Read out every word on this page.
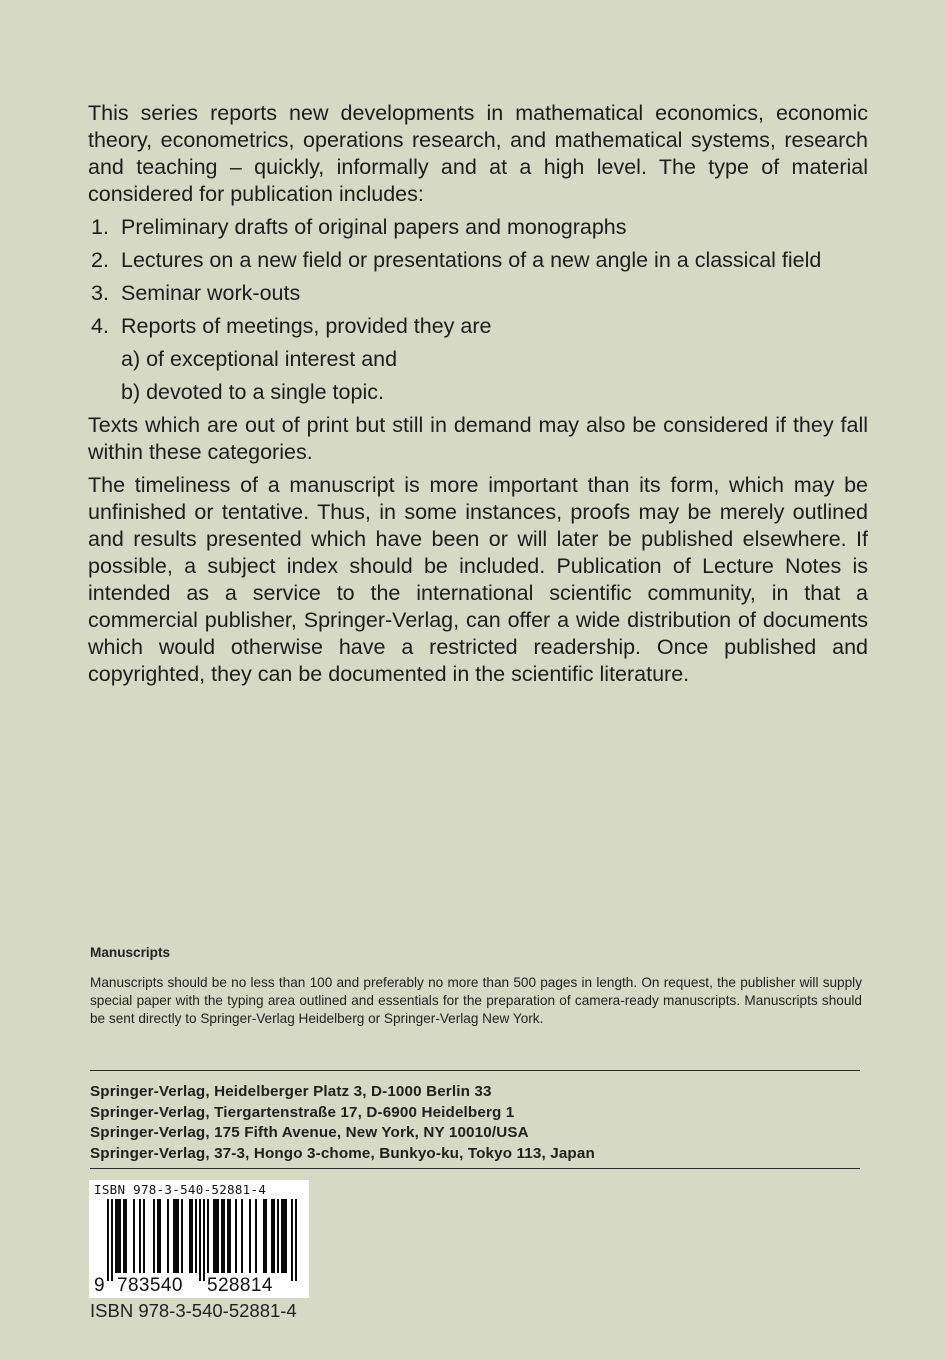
This series reports new developments in mathematical economics, economic theory, econometrics, operations research, and mathematical systems, research and teaching – quickly, informally and at a high level. The type of material considered for publication includes:

1. Preliminary drafts of original papers and monographs
2. Lectures on a new field or presentations of a new angle in a classical field
3. Seminar work-outs
4. Reports of meetings, provided they are

a) of exceptional interest and

b) devoted to a single topic.

Texts which are out of print but still in demand may also be considered if they fall within these categories.

The timeliness of a manuscript is more important than its form, which may be unfinished or tentative. Thus, in some instances, proofs may be merely outlined and results presented which have been or will later be published elsewhere. If possible, a subject index should be included. Publication of Lecture Notes is intended as a service to the international scientific community, in that a commercial publisher, Springer-Verlag, can offer a wide distribution of documents which would otherwise have a restricted readership. Once published and copyrighted, they can be documented in the scientific literature.

Manuscripts

Manuscripts should be no less than 100 and preferably no more than 500 pages in length. On request, the publisher will supply special paper with the typing area outlined and essentials for the preparation of camera-ready manuscripts. Manuscripts should be sent directly to Springer-Verlag Heidelberg or Springer-Verlag New York.

Springer-Verlag, Heidelberger Platz 3, D-1000 Berlin 33
Springer-Verlag, Tiergartenstraße 17, D-6900 Heidelberg 1
Springer-Verlag, 175 Fifth Avenue, New York, NY 10010/USA
Springer-Verlag, 37-3, Hongo 3-chome, Bunkyo-ku, Tokyo 113, Japan
ISBN 978-3-540-52881-4
9 783540 528814
ISBN 978-3-540-52881-4
